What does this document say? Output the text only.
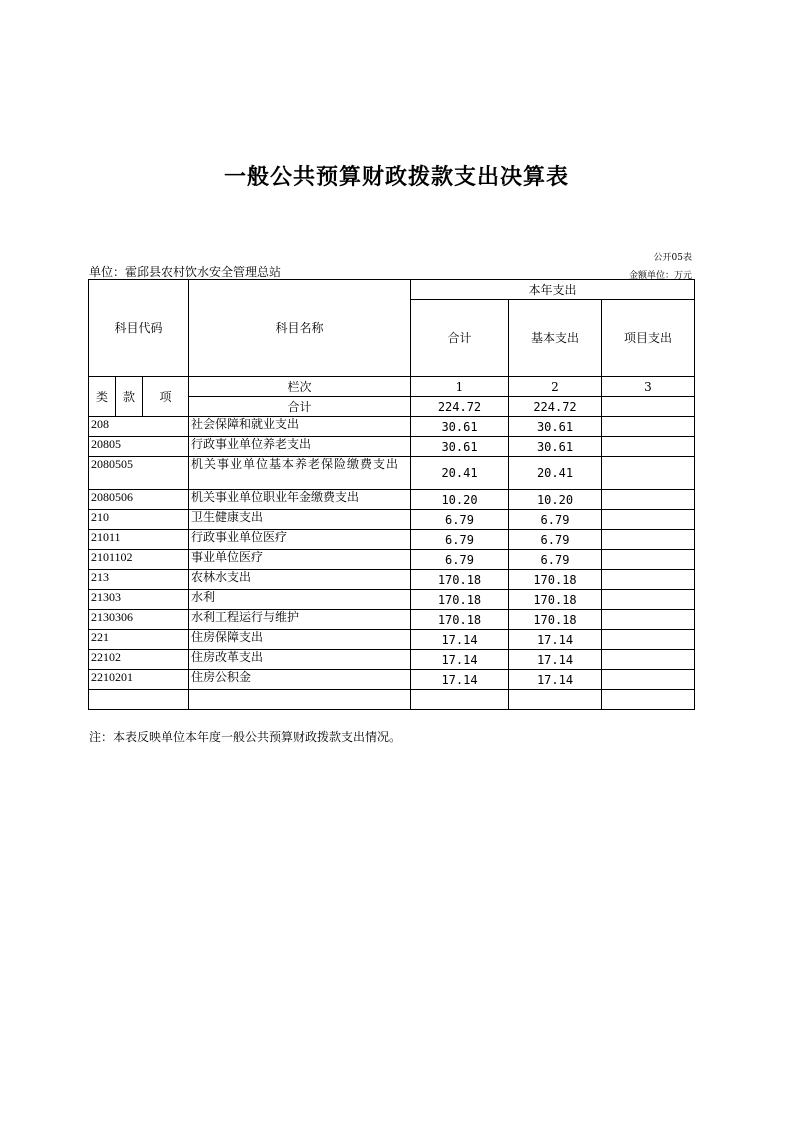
一般公共预算财政拨款支出决算表
公开05表
单位：霍邱县农村饮水安全管理总站	金额单位：万元
科目代码			科目名称	本年支出		
				合计	基本支出	项目支出
类	款	项	栏次	1	2	3
			合计	224.72	224.72	
208			社会保障和就业支出	30.61	30.61	
20805			行政事业单位养老支出	30.61	30.61	
2080505			机关事业单位基本养老保险缴费支出	20.41	20.41	
2080506			机关事业单位职业年金缴费支出	10.20	10.20	
210			卫生健康支出	6.79	6.79	
21011			行政事业单位医疗	6.79	6.79	
2101102			事业单位医疗	6.79	6.79	
213			农林水支出	170.18	170.18	
21303			水利	170.18	170.18	
2130306			水利工程运行与维护	170.18	170.18	
221			住房保障支出	17.14	17.14	
22102			住房改革支出	17.14	17.14	
2210201			住房公积金	17.14	17.14	

注：本表反映单位本年度一般公共预算财政拨款支出情况。
